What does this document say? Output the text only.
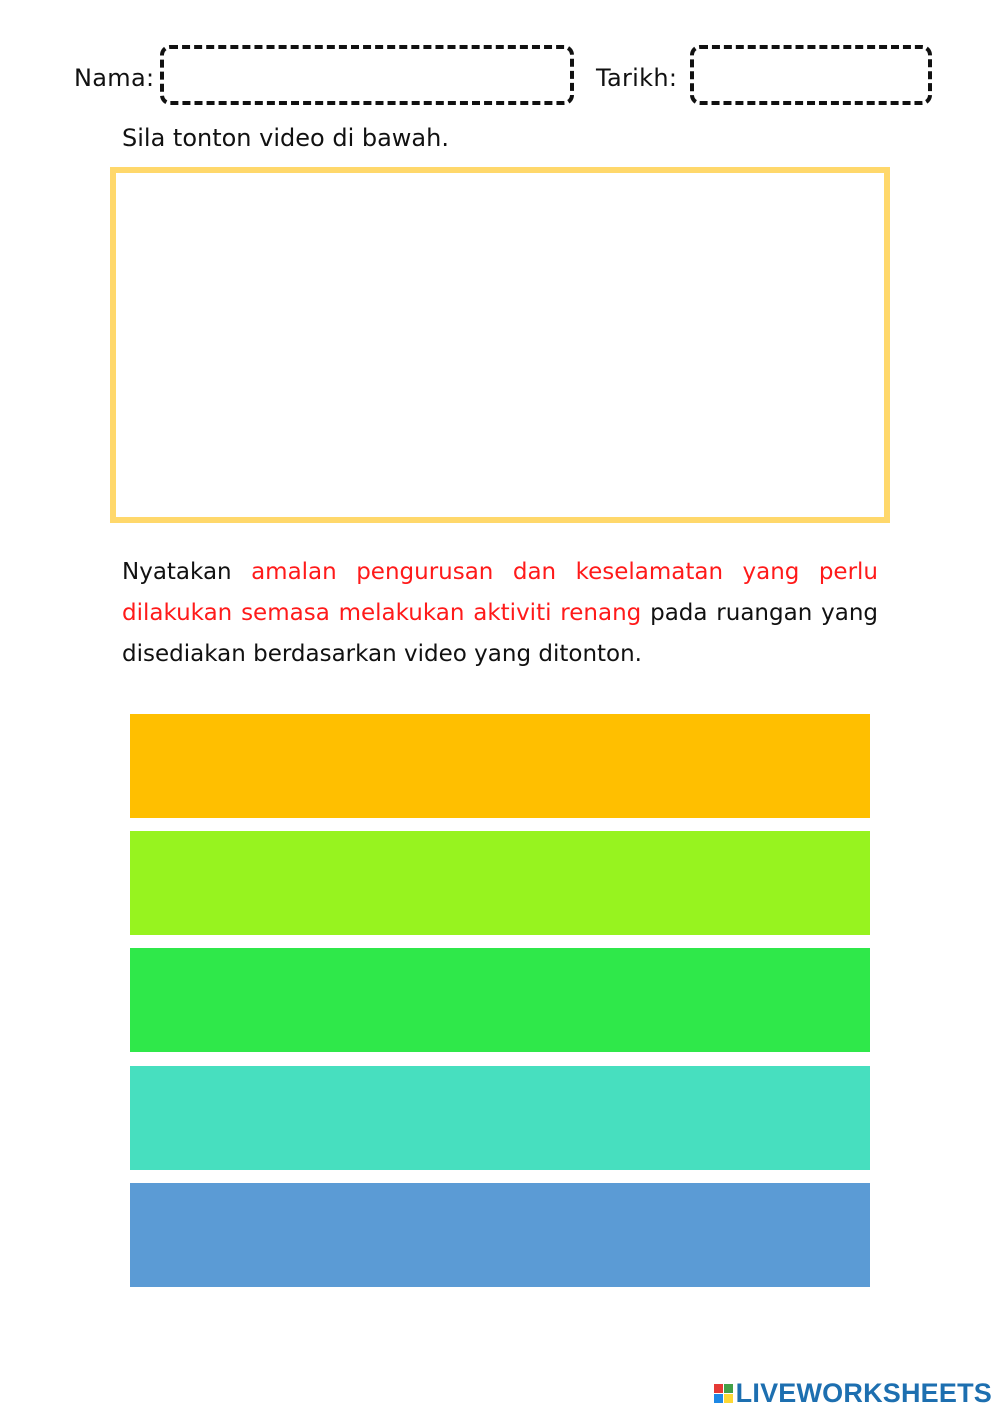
Nama:	Tarikh:
Sila tonton video di bawah.
Nyatakan amalan pengurusan dan keselamatan yang perlu dilakukan semasa melakukan aktiviti renang pada ruangan yang disediakan berdasarkan video yang ditonton.
LIVEWORKSHEETS
